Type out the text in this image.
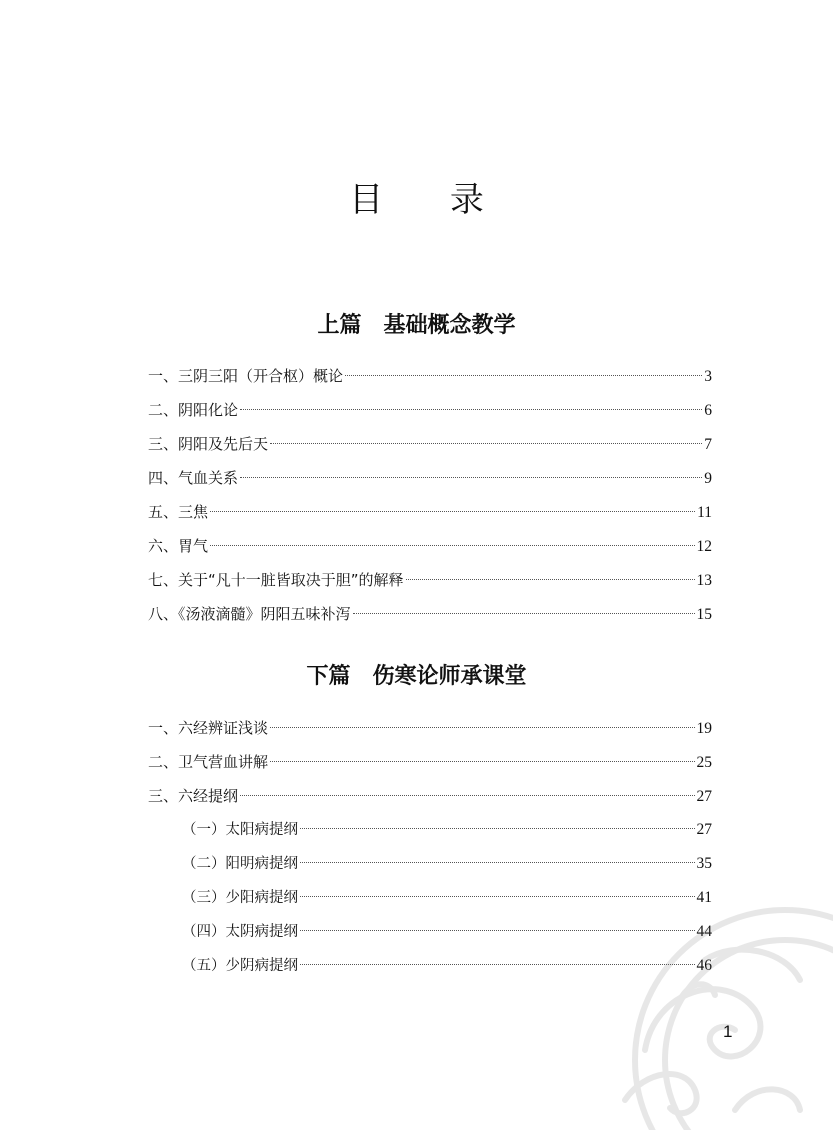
目 录
上篇　基础概念教学
一、三阴三阳（开合枢）概论	3
二、阴阳化论	6
三、阴阳及先后天	7
四、气血关系	9
五、三焦	11
六、胃气	12
七、关于“凡十一脏皆取决于胆”的解释	13
八、《汤液滴髓》阴阳五味补泻	15
下篇　伤寒论师承课堂
一、六经辨证浅谈	19
二、卫气营血讲解	25
三、六经提纲	27
（一）太阳病提纲	27
（二）阳明病提纲	35
（三）少阳病提纲	41
（四）太阴病提纲	44
（五）少阴病提纲	46
1
